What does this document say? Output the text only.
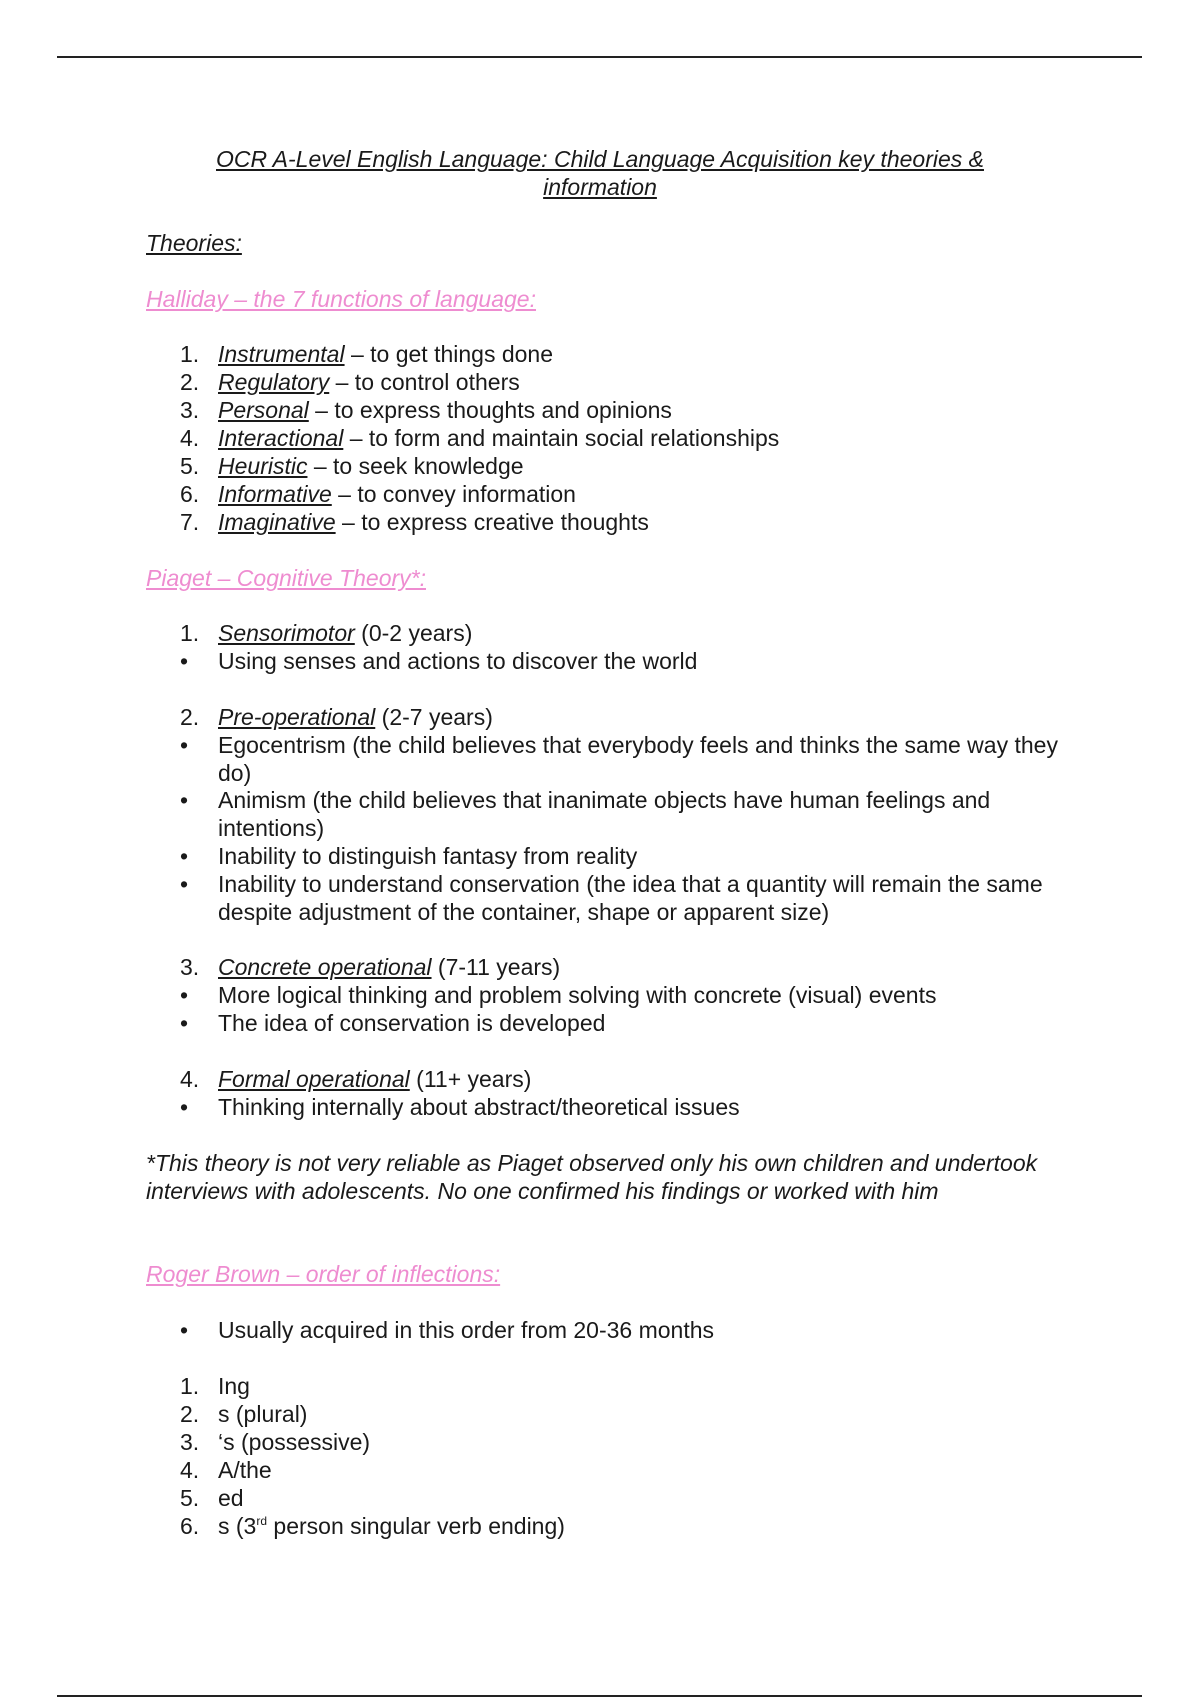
OCR A-Level English Language: Child Language Acquisition key theories & information
Theories:
Halliday – the 7 functions of language:
1. Instrumental – to get things done
2. Regulatory – to control others
3. Personal – to express thoughts and opinions
4. Interactional – to form and maintain social relationships
5. Heuristic – to seek knowledge
6. Informative – to convey information
7. Imaginative – to express creative thoughts
Piaget – Cognitive Theory*:
1. Sensorimotor (0-2 years)
•	Using senses and actions to discover the world
2. Pre-operational (2-7 years)
•	Egocentrism (the child believes that everybody feels and thinks the same way they do)
•	Animism (the child believes that inanimate objects have human feelings and intentions)
•	Inability to distinguish fantasy from reality
•	Inability to understand conservation (the idea that a quantity will remain the same despite adjustment of the container, shape or apparent size)
3. Concrete operational (7-11 years)
•	More logical thinking and problem solving with concrete (visual) events
•	The idea of conservation is developed
4. Formal operational (11+ years)
•	Thinking internally about abstract/theoretical issues
*This theory is not very reliable as Piaget observed only his own children and undertook interviews with adolescents. No one confirmed his findings or worked with him
Roger Brown – order of inflections:
•	Usually acquired in this order from 20-36 months
1. Ing
2. s (plural)
3. ‘s (possessive)
4. A/the
5. ed
6. s (3rd person singular verb ending)
